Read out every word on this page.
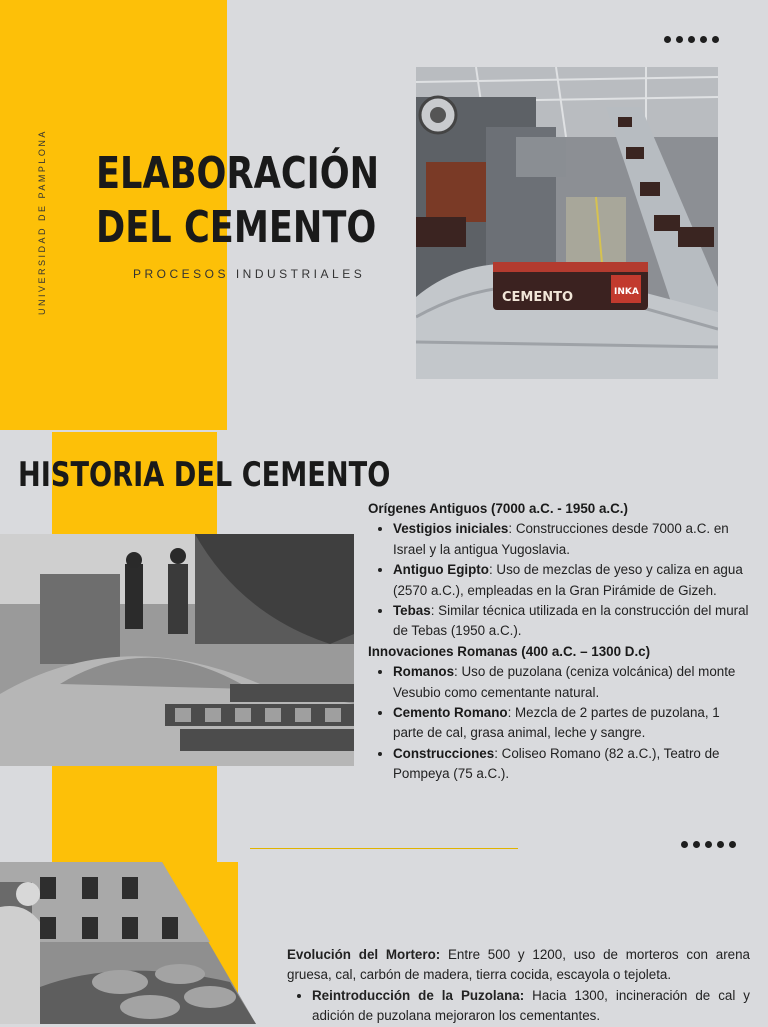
UNIVERSIDAD DE PAMPLONA ELABORACIÓN
DEL CEMENTO
PROCESOS INDUSTRIALES
CEMENTO	INKA
HISTORIA DEL CEMENTO
Orígenes Antiguos (7000 a.C. - 1950 a.C.)
• Vestigios iniciales: Construcciones desde 7000 a.C. en Israel y la antigua Yugoslavia.
• Antiguo Egipto: Uso de mezclas de yeso y caliza en agua (2570 a.C.), empleadas en la Gran Pirámide de Gizeh.
• Tebas: Similar técnica utilizada en la construcción del mural de Tebas (1950 a.C.).
Innovaciones Romanas (400 a.C. – 1300 D.c)
• Romanos: Uso de puzolana (ceniza volcánica) del monte Vesubio como cementante natural.
• Cemento Romano: Mezcla de 2 partes de puzolana, 1 parte de cal, grasa animal, leche y sangre.
• Construcciones: Coliseo Romano (82 a.C.), Teatro de Pompeya (75 a.C.).
Evolución del Mortero: Entre 500 y 1200, uso de morteros con arena gruesa, cal, carbón de madera, tierra cocida, escayola o tejoleta.
• Reintroducción de la Puzolana: Hacia 1300, incineración de cal y adición de puzolana mejoraron los cementantes.
